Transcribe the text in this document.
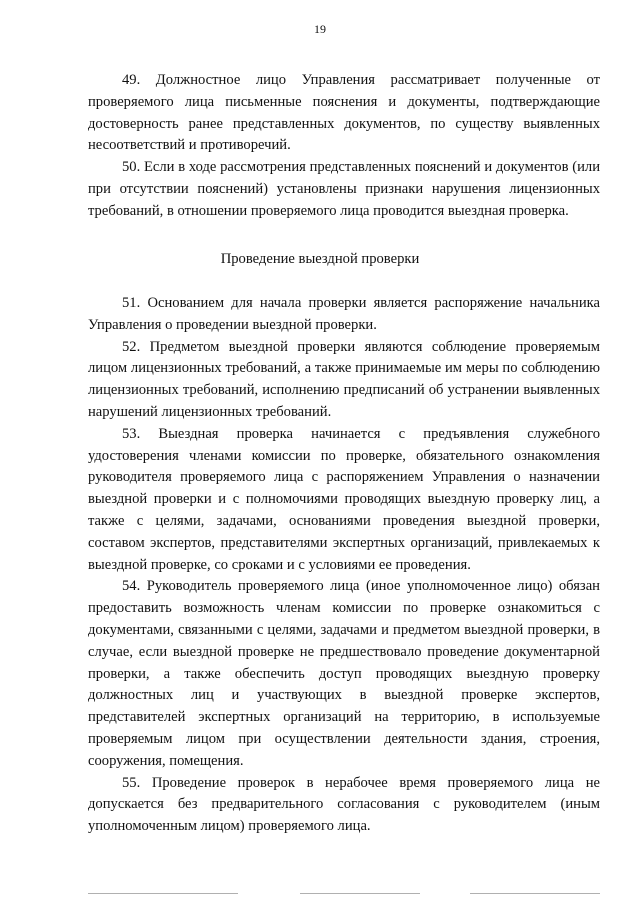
19

49. Должностное лицо Управления рассматривает полученные от проверяемого лица письменные пояснения и документы, подтверждающие достоверность ранее представленных документов, по существу выявленных несоответствий и противоречий.

50. Если в ходе рассмотрения представленных пояснений и документов (или при отсутствии пояснений) установлены признаки нарушения лицензионных требований, в отношении проверяемого лица проводится выездная проверка.

Проведение выездной проверки

51. Основанием для начала проверки является распоряжение начальника Управления о проведении выездной проверки.

52. Предметом выездной проверки являются соблюдение проверяемым лицом лицензионных требований, а также принимаемые им меры по соблюдению лицензионных требований, исполнению предписаний об устранении выявленных нарушений лицензионных требований.

53. Выездная проверка начинается с предъявления служебного удостоверения членами комиссии по проверке, обязательного ознакомления руководителя проверяемого лица с распоряжением Управления о назначении выездной проверки и с полномочиями проводящих выездную проверку лиц, а также с целями, задачами, основаниями проведения выездной проверки, составом экспертов, представителями экспертных организаций, привлекаемых к выездной проверке, со сроками и с условиями ее проведения.

54. Руководитель проверяемого лица (иное уполномоченное лицо) обязан предоставить возможность членам комиссии по проверке ознакомиться с документами, связанными с целями, задачами и предметом выездной проверки, в случае, если выездной проверке не предшествовало проведение документарной проверки, а также обеспечить доступ проводящих выездную проверку должностных лиц и участвующих в выездной проверке экспертов, представителей экспертных организаций на территорию, в используемые проверяемым лицом при осуществлении деятельности здания, строения, сооружения, помещения.

55. Проведение проверок в нерабочее время проверяемого лица не допускается без предварительного согласования с руководителем (иным уполномоченным лицом) проверяемого лица.
